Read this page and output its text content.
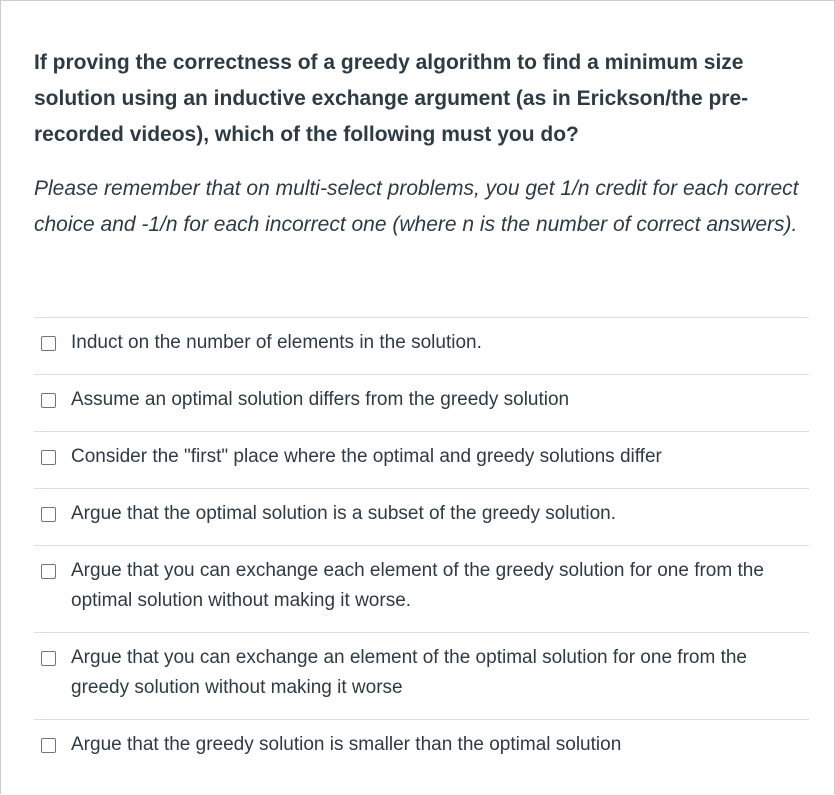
If proving the correctness of a greedy algorithm to find a minimum size solution using an inductive exchange argument (as in Erickson/the pre-recorded videos), which of the following must you do?
Please remember that on multi-select problems, you get 1/n credit for each correct choice and -1/n for each incorrect one (where n is the number of correct answers).
Induct on the number of elements in the solution.
Assume an optimal solution differs from the greedy solution
Consider the "first" place where the optimal and greedy solutions differ
Argue that the optimal solution is a subset of the greedy solution.
Argue that you can exchange each element of the greedy solution for one from the optimal solution without making it worse.
Argue that you can exchange an element of the optimal solution for one from the greedy solution without making it worse
Argue that the greedy solution is smaller than the optimal solution
